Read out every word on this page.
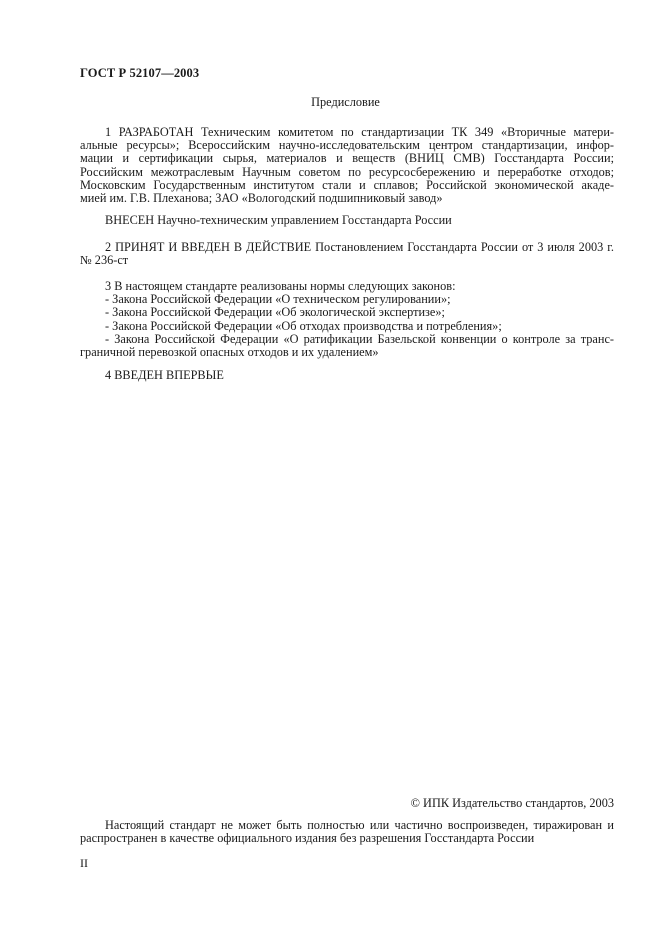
ГОСТ Р 52107—2003
Предисловие
1 РАЗРАБОТАН Техническим комитетом по стандартизации ТК 349 «Вторичные матери-
альные ресурсы»; Всероссийским научно-исследовательским центром стандартизации, инфор-
мации и сертификации сырья, материалов и веществ (ВНИЦ СМВ) Госстандарта России;
Российским межотраслевым Научным советом по ресурсосбережению и переработке отходов;
Московским Государственным институтом стали и сплавов; Российской экономической акаде-
мией им. Г.В. Плеханова; ЗАО «Вологодский подшипниковый завод»
ВНЕСЕН Научно-техническим управлением Госстандарта России
2 ПРИНЯТ И ВВЕДЕН В ДЕЙСТВИЕ Постановлением Госстандарта России от 3 июля 2003 г.
№ 236-ст
3 В настоящем стандарте реализованы нормы следующих законов:
- Закона Российской Федерации «О техническом регулировании»;
- Закона Российской Федерации «Об экологической экспертизе»;
- Закона Российской Федерации «Об отходах производства и потребления»;
- Закона Российской Федерации «О ратификации Базельской конвенции о контроле за транс-
граничной перевозкой опасных отходов и их удалением»
4 ВВЕДЕН ВПЕРВЫЕ
© ИПК Издательство стандартов, 2003
Настоящий стандарт не может быть полностью или частично воспроизведен, тиражирован и
распространен в качестве официального издания без разрешения Госстандарта России
II
